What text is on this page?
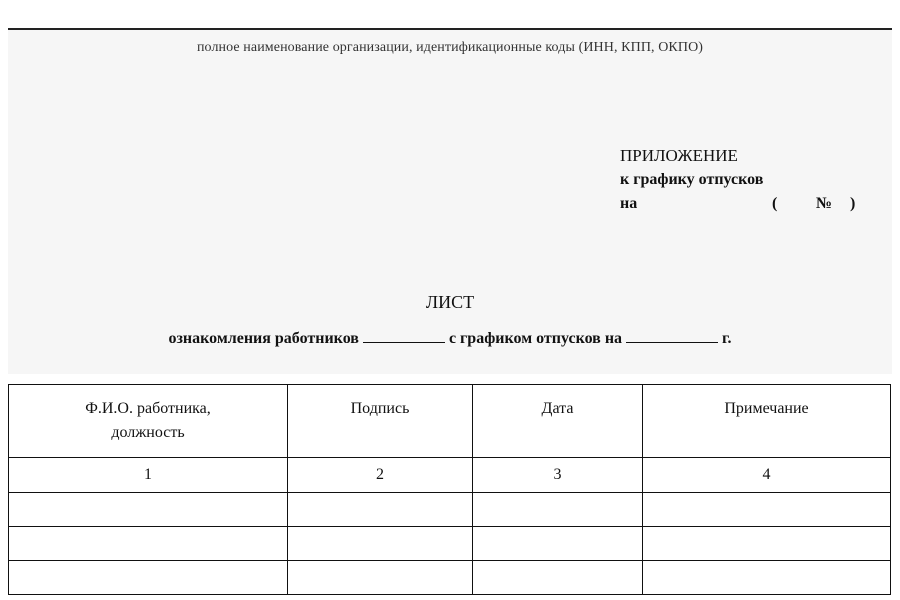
полное наименование организации, идентификационные коды (ИНН, КПП, ОКПО)
ПРИЛОЖЕНИЕ
к графику отпусков
на	( № )
ЛИСТ
ознакомления работников	с графиком отпусков на	г.
Ф.И.О. работника,
должность	Подпись	Дата	Примечание
1	2	3	4
